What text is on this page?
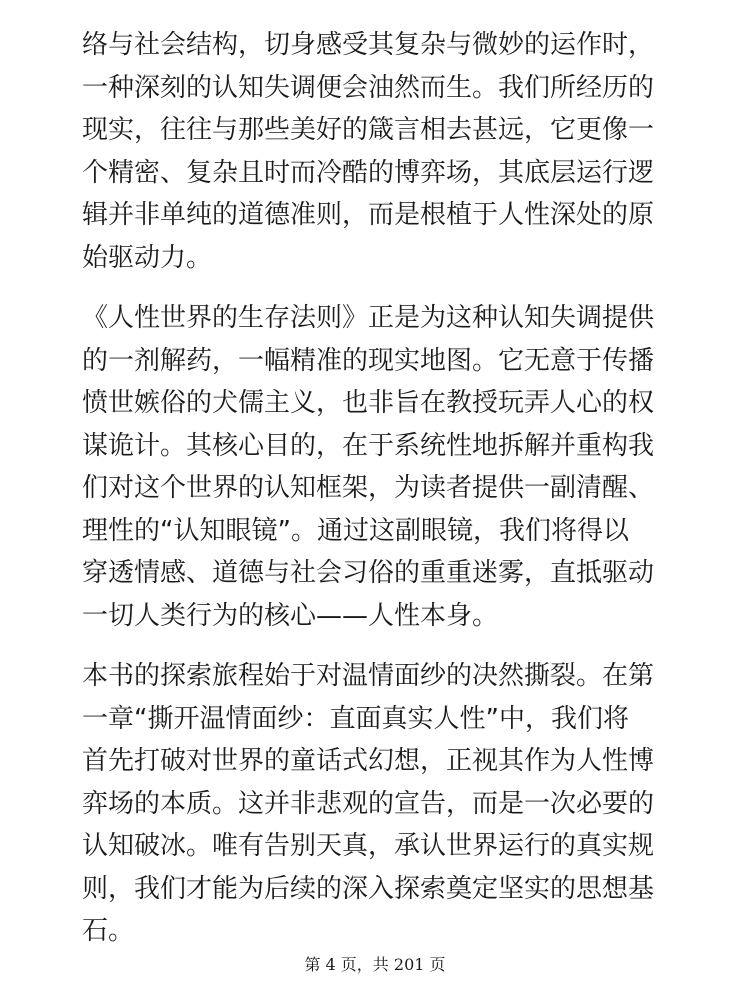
络与社会结构，切身感受其复杂与微妙的运作时，
一种深刻的认知失调便会油然而生。我们所经历的
现实，往往与那些美好的箴言相去甚远，它更像一
个精密、复杂且时而冷酷的博弈场，其底层运行逻
辑并非单纯的道德准则，而是根植于人性深处的原
始驱动力。

《人性世界的生存法则》正是为这种认知失调提供
的一剂解药，一幅精准的现实地图。它无意于传播
愤世嫉俗的犬儒主义，也非旨在教授玩弄人心的权
谋诡计。其核心目的，在于系统性地拆解并重构我
们对这个世界的认知框架，为读者提供一副清醒、
理性的“认知眼镜”。通过这副眼镜，我们将得以
穿透情感、道德与社会习俗的重重迷雾，直抵驱动
一切人类行为的核心——人性本身。

本书的探索旅程始于对温情面纱的决然撕裂。在第
一章“撕开温情面纱：直面真实人性”中，我们将
首先打破对世界的童话式幻想，正视其作为人性博
弈场的本质。这并非悲观的宣告，而是一次必要的
认知破冰。唯有告别天真，承认世界运行的真实规
则，我们才能为后续的深入探索奠定坚实的思想基
石。

第 4 页，共 201 页
